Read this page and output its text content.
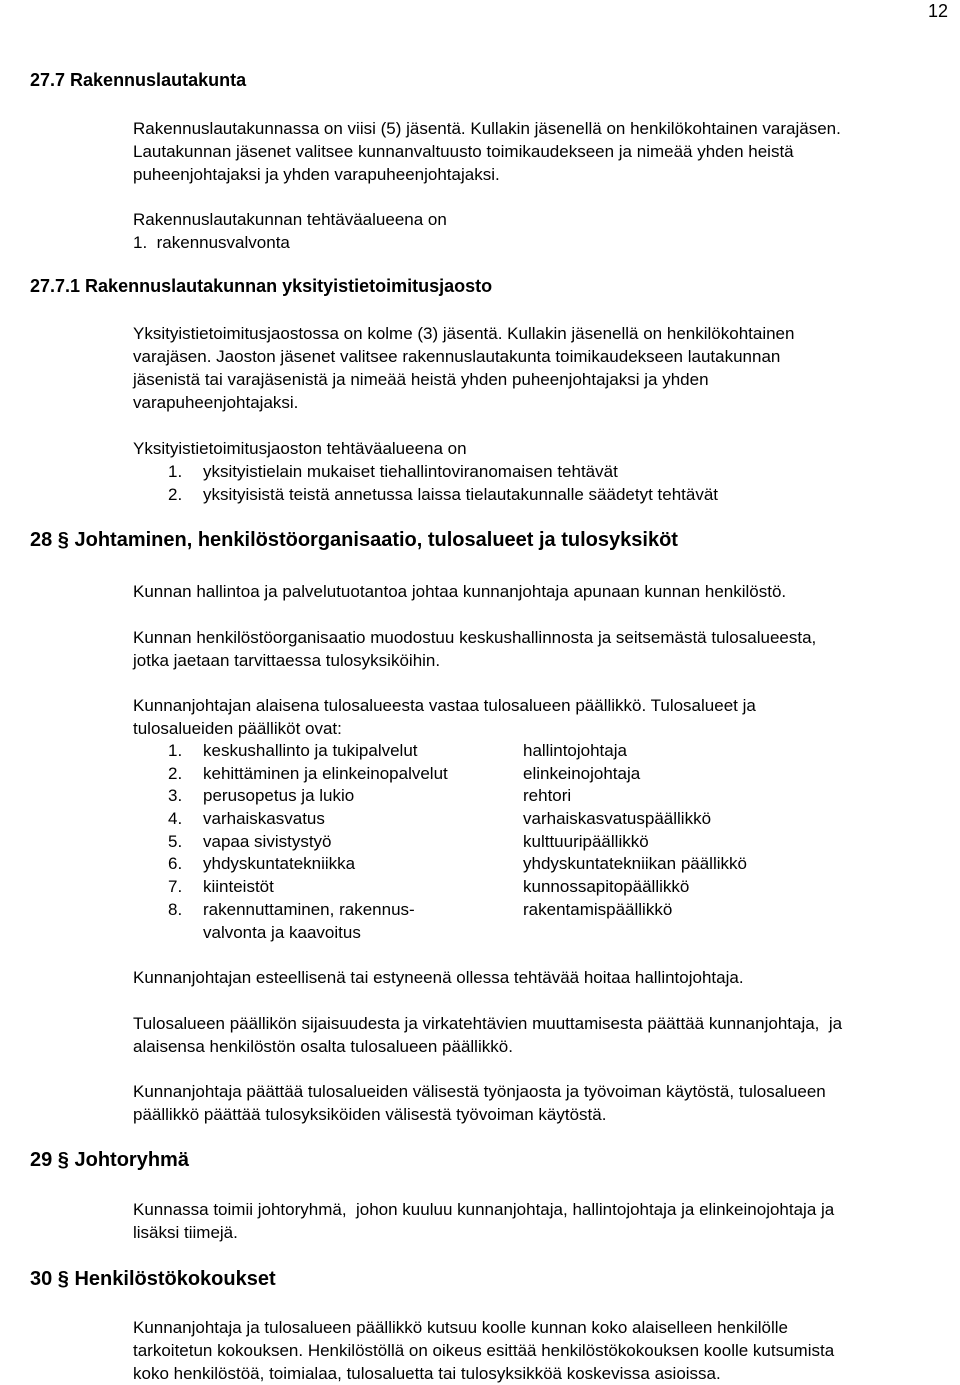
12
27.7 Rakennuslautakunta
Rakennuslautakunnassa on viisi (5) jäsentä. Kullakin jäsenellä on henkilökohtainen varajäsen.
Lautakunnan jäsenet valitsee kunnanvaltuusto toimikaudekseen ja nimeää yhden heistä
puheenjohtajaksi ja yhden varapuheenjohtajaksi.
Rakennuslautakunnan tehtäväalueena on
1.  rakennusvalvonta
27.7.1 Rakennuslautakunnan yksityistietoimitusjaosto
Yksityistietoimitusjaostossa on kolme (3) jäsentä. Kullakin jäsenellä on henkilökohtainen
varajäsen. Jaoston jäsenet valitsee rakennuslautakunta toimikaudekseen lautakunnan
jäsenistä tai varajäsenistä ja nimeää heistä yhden puheenjohtajaksi ja yhden
varapuheenjohtajaksi.
Yksityistietoimitusjaoston tehtäväalueena on
1. yksityistielain mukaiset tiehallintoviranomaisen tehtävät
2. yksityisistä teistä annetussa laissa tielautakunnalle säädetyt tehtävät
28 § Johtaminen, henkilöstöorganisaatio, tulosalueet ja tulosyksiköt
Kunnan hallintoa ja palvelutuotantoa johtaa kunnanjohtaja apunaan kunnan henkilöstö.
Kunnan henkilöstöorganisaatio muodostuu keskushallinnosta ja seitsemästä tulosalueesta,
jotka jaetaan tarvittaessa tulosyksiköihin.
Kunnanjohtajan alaisena tulosalueesta vastaa tulosalueen päällikkö. Tulosalueet ja
tulosalueiden päälliköt ovat:
1. keskushallinto ja tukipalvelut	hallintojohtaja
2. kehittäminen ja elinkeinopalvelut	elinkeinojohtaja
3. perusopetus ja lukio	rehtori
4. varhaiskasvatus	varhaiskasvatuspäällikkö
5. vapaa sivistystyö	kulttuuripäällikkö
6. yhdyskuntatekniikka	yhdyskuntatekniikan päällikkö
7. kiinteistöt	kunnossapitopäällikkö
8. rakennuttaminen, rakennus-	rakentamispäällikkö
valvonta ja kaavoitus
Kunnanjohtajan esteellisenä tai estyneenä ollessa tehtävää hoitaa hallintojohtaja.
Tulosalueen päällikön sijaisuudesta ja virkatehtävien muuttamisesta päättää kunnanjohtaja,  ja
alaisensa henkilöstön osalta tulosalueen päällikkö.
Kunnanjohtaja päättää tulosalueiden välisestä työnjaosta ja työvoiman käytöstä, tulosalueen
päällikkö päättää tulosyksiköiden välisestä työvoiman käytöstä.
29 § Johtoryhmä
Kunnassa toimii johtoryhmä,  johon kuuluu kunnanjohtaja, hallintojohtaja ja elinkeinojohtaja ja
lisäksi tiimejä.
30 § Henkilöstökokoukset
Kunnanjohtaja ja tulosalueen päällikkö kutsuu koolle kunnan koko alaiselleen henkilölle
tarkoitetun kokouksen. Henkilöstöllä on oikeus esittää henkilöstökokouksen koolle kutsumista
koko henkilöstöä, toimialaa, tulosaluetta tai tulosyksikköä koskevissa asioissa.
